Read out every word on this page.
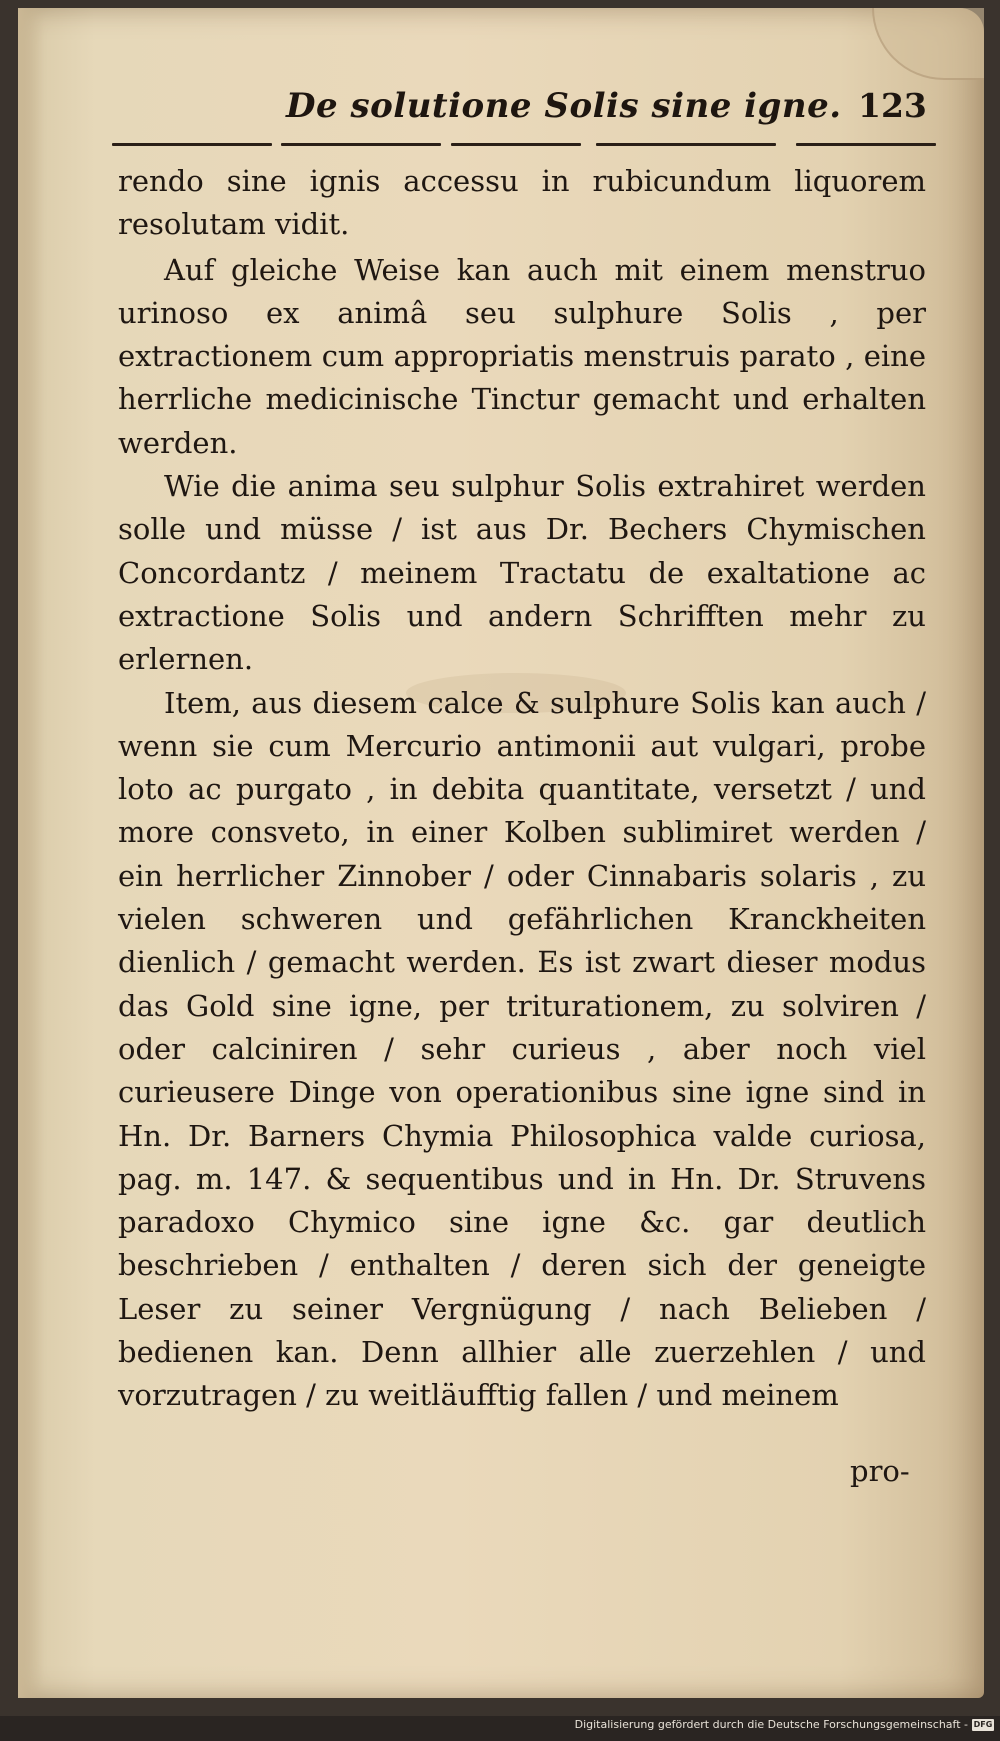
De solutione Solis sine igne. 123

rendo sine ignis accessu in rubicundum liquorem resolutam vidit.

Auf gleiche Weise kan auch mit einem menstruo urinoso ex animâ seu sulphure Solis , per extractionem cum appropriatis menstruis parato , eine herrliche medicinische Tinctur gemacht und erhalten werden.

Wie die anima seu sulphur Solis extrahiret werden solle und müsse / ist aus Dr. Bechers Chymischen Concordantz / meinem Tractatu de exaltatione ac extractione Solis und andern Schrifften mehr zu erlernen.

Item, aus diesem calce & sulphure Solis kan auch / wenn sie cum Mercurio antimonii aut vulgari, probe loto ac purgato , in debita quantitate, versetzt / und more consveto, in einer Kolben sublimiret werden / ein herrlicher Zinnober / oder Cinnabaris solaris , zu vielen schweren und gefährlichen Kranckheiten dienlich / gemacht werden. Es ist zwart dieser modus das Gold sine igne, per triturationem, zu solviren / oder calciniren / sehr curieus , aber noch viel curieusere Dinge von operationibus sine igne sind in Hn. Dr. Barners Chymia Philosophica valde curiosa, pag. m. 147. & sequentibus und in Hn. Dr. Struvens paradoxo Chymico sine igne &c. gar deutlich beschrieben / enthalten / deren sich der geneigte Leser zu seiner Vergnügung / nach Belieben / bedienen kan. Denn allhier alle zuerzehlen / und vorzutragen / zu weitläufftig fallen / und meinem

pro-
Digitalisierung gefördert durch die Deutsche Forschungsgemeinschaft - DFG
